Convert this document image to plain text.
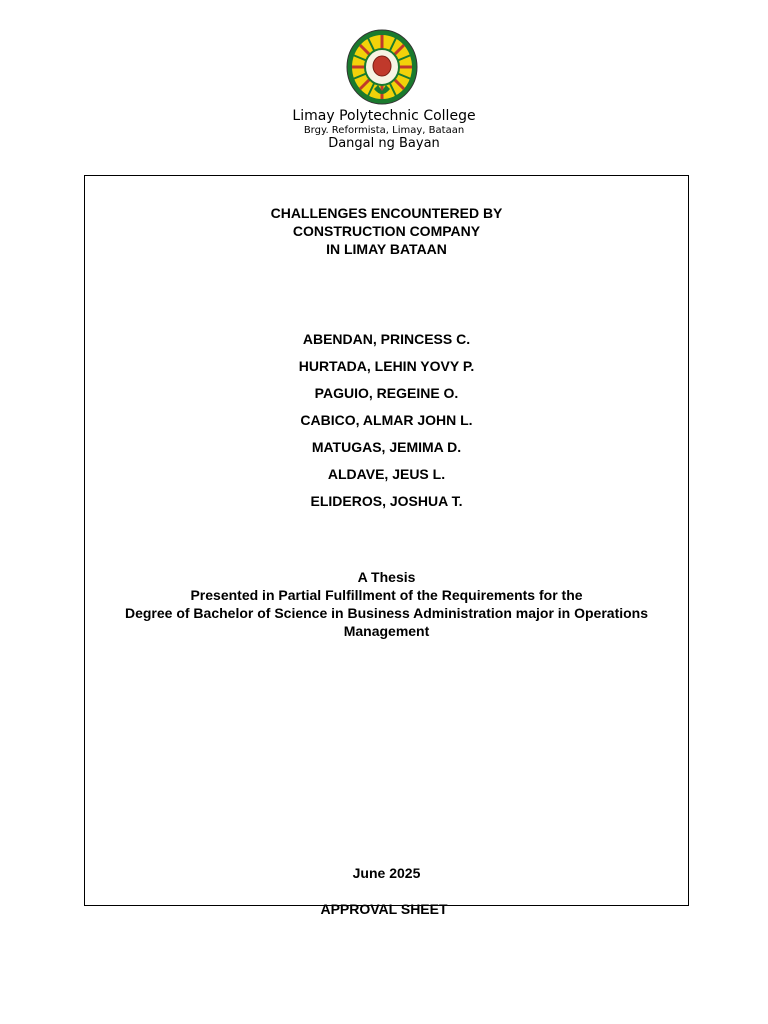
Limay Polytechnic College
Brgy. Reformista, Limay, Bataan
Dangal ng Bayan
CHALLENGES ENCOUNTERED BY
CONSTRUCTION COMPANY
IN LIMAY BATAAN
ABENDAN, PRINCESS C.
HURTADA, LEHIN YOVY P.
PAGUIO, REGEINE O.
CABICO, ALMAR JOHN L.
MATUGAS, JEMIMA D.
ALDAVE, JEUS L.
ELIDEROS, JOSHUA T.
A Thesis
Presented in Partial Fulfillment of the Requirements for the
Degree of Bachelor of Science in Business Administration major in Operations
Management
June 2025
APPROVAL SHEET
